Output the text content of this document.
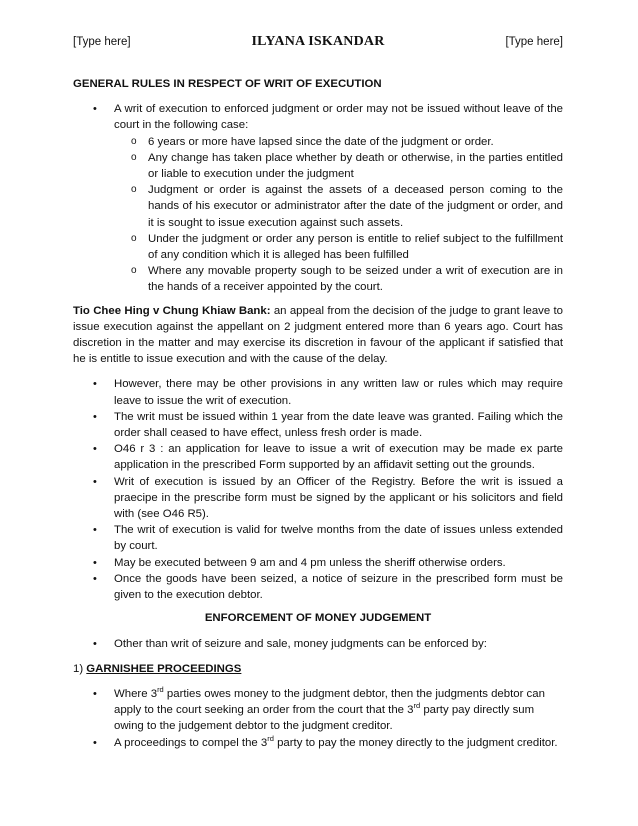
[Type here]	ILYANA ISKANDAR	[Type here]
GENERAL RULES IN RESPECT OF WRIT OF EXECUTION
• A writ of execution to enforced judgment or order may not be issued without leave of the court in the following case:
o 6 years or more have lapsed since the date of the judgment or order.
o Any change has taken place whether by death or otherwise, in the parties entitled or liable to execution under the judgment
o Judgment or order is against the assets of a deceased person coming to the hands of his executor or administrator after the date of the judgment or order, and it is sought to issue execution against such assets.
o Under the judgment or order any person is entitle to relief subject to the fulfillment of any condition which it is alleged has been fulfilled
o Where any movable property sough to be seized under a writ of execution are in the hands of a receiver appointed by the court.

Tio Chee Hing v Chung Khiaw Bank: an appeal from the decision of the judge to grant leave to issue execution against the appellant on 2 judgment entered more than 6 years ago. Court has discretion in the matter and may exercise its discretion in favour of the applicant if satisfied that he is entitle to issue execution and with the cause of the delay.

• However, there may be other provisions in any written law or rules which may require leave to issue the writ of execution.
• The writ must be issued within 1 year from the date leave was granted. Failing which the order shall ceased to have effect, unless fresh order is made.
• O46 r 3 : an application for leave to issue a writ of execution may be made ex parte application in the prescribed Form supported by an affidavit setting out the grounds.
• Writ of execution is issued by an Officer of the Registry. Before the writ is issued a praecipe in the prescribe form must be signed by the applicant or his solicitors and field with (see O46 R5).
• The writ of execution is valid for twelve months from the date of issues unless extended by court.
• May be executed between 9 am and 4 pm unless the sheriff otherwise orders.
• Once the goods have been seized, a notice of seizure in the prescribed form must be given to the execution debtor.
ENFORCEMENT OF MONEY JUDGEMENT
• Other than writ of seizure and sale, money judgments can be enforced by:
1) GARNISHEE PROCEEDINGS
• Where 3rd parties owes money to the judgment debtor, then the judgments debtor can apply to the court seeking an order from the court that the 3rd party pay directly sum owing to the judgement debtor to the judgment creditor.
• A proceedings to compel the 3rd party to pay the money directly to the judgment creditor.
